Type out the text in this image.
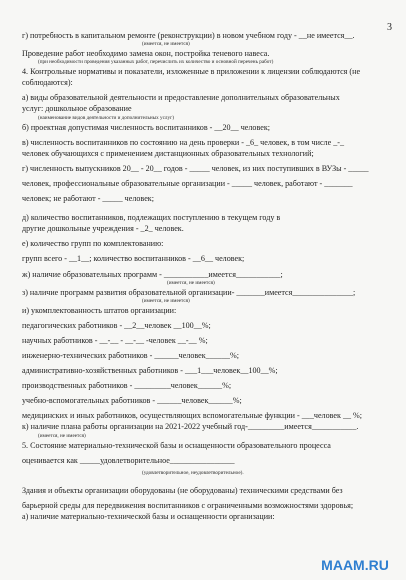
3
г) потребность в капитальном ремонте (реконструкции) в новом учебном году - __не имеется__.
(имеется, не имеется)
Проведение работ необходимо замена окон, постройка теневого навеса.
(при необходимости проведения указанных работ, перечислить их количество и основной перечень работ)
4. Контрольные нормативы и показатели, изложенные в приложении к лицензии соблюдаются (не
соблюдаются):
а) виды образовательной деятельности и предоставление дополнительных образовательных
услуг: дошкольное образование
(наименование видов деятельности и дополнительных услуг)
б) проектная допустимая численность воспитанников - __20__ человек;
в) численность воспитанников по состоянию на день проверки - _6_ человек, в том числе _-_
человек обучающихся с применением дистанционных образовательных технологий;
г) численность выпускников 20__ - 20__ годов - _____ человек, из них поступивших в ВУЗы - _____
человек, профессиональные образовательные организации - _____ человек, работают - _______
человек; не работают - _____ человек;
д) количество воспитанников, подлежащих поступлению в текущем году в
другие дошкольные учреждения - _2_ человек.
е) количество групп по комплектованию:
групп всего - __1__; количество воспитанников - __6__ человек;
ж) наличие образовательных программ - ___________имеется___________;
(имеется, не имеется)
з) наличие программ развития образовательной организации- _______имеется_______________;
(имеется, не имеется)
и) укомплектованность штатов организации:
педагогических работников - __2__человек __100__%;
научных работников - __-__ - __-__ -человек __-__ %;
инженерно-технических работников - ______человек______%;
административно-хозяйственных работников - ___1___человек__100__%;
производственных работников - _________человек______%;
учебно-вспомогательных работников - ______человек______%;
медицинских и иных работников, осуществляющих вспомогательные функции - ___человек __ %;
к) наличие плана работы организации на 2021-2022 учебный год-_________имеется___________.
(имеется, не имеется)
5. Состояние материально-технической базы и оснащенности образовательного процесса
оценивается как _____удовлетворительное________________
(удовлетворительное, неудовлетворительное).
Здания и объекты организации оборудованы (не оборудованы) техническими средствами без
барьерной среды для передвижения воспитанников с ограниченными возможностями здоровья;
а) наличие материально-технической базы и оснащенности организации:
MAAM.RU
